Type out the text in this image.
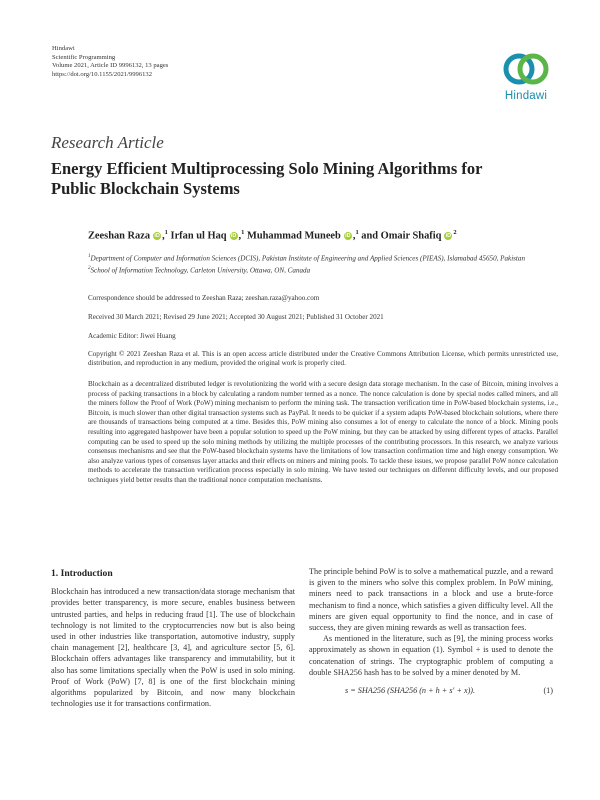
Hindawi
Scientific Programming
Volume 2021, Article ID 9996132, 13 pages
https://doi.org/10.1155/2021/9996132
Hindawi
Research Article
Energy Efficient Multiprocessing Solo Mining Algorithms for Public Blockchain Systems
Zeeshan Raza iD ,$^1$ Irfan ul Haq iD ,$^1$ Muhammad Muneeb iD ,$^1$ and Omair Shafiq $iD^2$
$^1$Department of Computer and Information Sciences (DCIS), Pakistan Institute of Engineering and Applied Sciences (PIEAS), Islamabad 45650, Pakistan
$^2$School of Information Technology, Carleton University, Ottawa, ON, Canada
Correspondence should be addressed to Zeeshan Raza; zeeshan.raza@yahoo.com
Received 30 March 2021; Revised 29 June 2021; Accepted 30 August 2021; Published 31 October 2021
Academic Editor: Jiwei Huang
Copyright © 2021 Zeeshan Raza et al. This is an open access article distributed under the Creative Commons Attribution License, which permits unrestricted use, distribution, and reproduction in any medium, provided the original work is properly cited.
Blockchain as a decentralized distributed ledger is revolutionizing the world with a secure design data storage mechanism. In the case of Bitcoin, mining involves a process of packing transactions in a block by calculating a random number termed as a nonce. The nonce calculation is done by special nodes called miners, and all the miners follow the Proof of Work (PoW) mining mechanism to perform the mining task. The transaction verification time in PoW-based blockchain systems, i.e., Bitcoin, is much slower than other digital transaction systems such as PayPal. It needs to be quicker if a system adapts PoW-based blockchain solutions, where there are thousands of transactions being computed at a time. Besides this, PoW mining also consumes a lot of energy to calculate the nonce of a block. Mining pools resulting into aggregated hashpower have been a popular solution to speed up the PoW mining, but they can be attacked by using different types of attacks. Parallel computing can be used to speed up the solo mining methods by utilizing the multiple processes of the contributing processors. In this research, we analyze various consensus mechanisms and see that the PoW-based blockchain systems have the limitations of low transaction confirmation time and high energy consumption. We also analyze various types of consensus layer attacks and their effects on miners and mining pools. To tackle these issues, we propose parallel PoW nonce calculation methods to accelerate the transaction verification process especially in solo mining. We have tested our techniques on different difficulty levels, and our proposed techniques yield better results than the traditional nonce computation mechanisms.
1. Introduction

Blockchain has introduced a new transaction/data storage mechanism that provides better transparency, is more secure, enables business between untrusted parties, and helps in reducing fraud [1]. The use of blockchain technology is not limited to the cryptocurrencies now but is also being used in other industries like transportation, automotive industry, supply chain management [2], healthcare [3, 4], and agriculture sector [5, 6]. Blockchain offers advantages like transparency and immutability, but it also has some limitations specially when the PoW is used in solo mining. Proof of Work (PoW) [7, 8] is one of the first blockchain mining algorithms popularized by Bitcoin, and now many blockchain technologies use it for transactions confirmation.

The principle behind PoW is to solve a mathematical puzzle, and a reward is given to the miners who solve this complex problem. In PoW mining, miners need to pack transactions in a block and use a brute-force mechanism to find a nonce, which satisfies a given difficulty level. All the miners are given equal opportunity to find the nonce, and in case of success, they are given mining rewards as well as transaction fees.

As mentioned in the literature, such as [9], the mining process works approximately as shown in equation (1). Symbol + is used to denote the concatenation of strings. The cryptographic problem of computing a double SHA256 hash has to be solved by a miner denoted by M.

s = SHA256 (SHA256 (n + h + s′ + x)).	(1)
